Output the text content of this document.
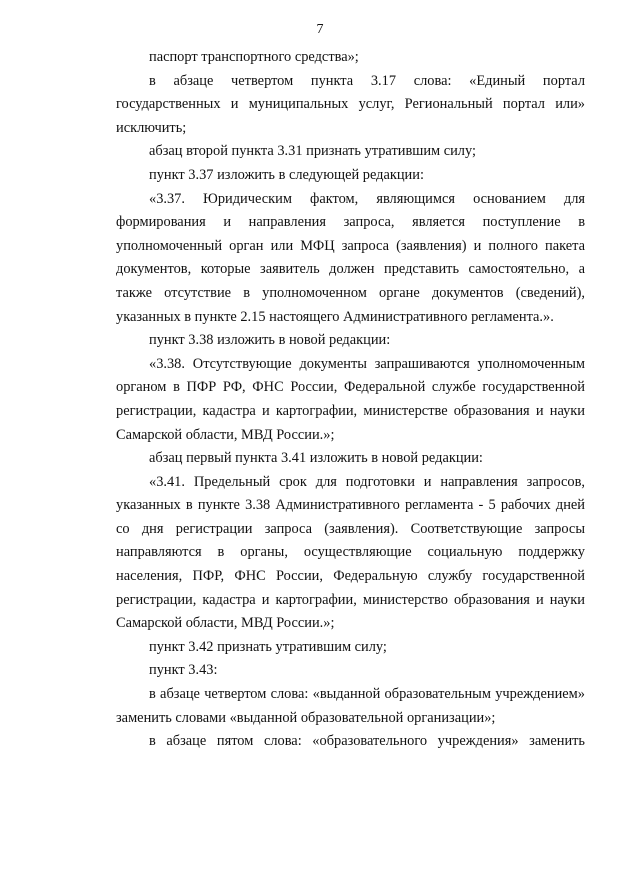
7

паспорт транспортного средства»;

в абзаце четвертом пункта 3.17 слова: «Единый портал государственных и муниципальных услуг, Региональный портал или» исключить;

абзац второй пункта 3.31 признать утратившим силу;

пункт 3.37 изложить в следующей редакции:

«3.37. Юридическим фактом, являющимся основанием для формирования и направления запроса, является поступление в уполномоченный орган или МФЦ запроса (заявления) и полного пакета документов, которые заявитель должен представить самостоятельно, а также отсутствие в уполномоченном органе документов (сведений), указанных в пункте 2.15 настоящего Административного регламента.».

пункт 3.38 изложить в новой редакции:

«3.38. Отсутствующие документы запрашиваются уполномоченным органом в ПФР РФ, ФНС России, Федеральной службе государственной регистрации, кадастра и картографии, министерстве образования и науки Самарской области, МВД России.»;

абзац первый пункта 3.41 изложить в новой редакции:

«3.41. Предельный срок для подготовки и направления запросов, указанных в пункте 3.38 Административного регламента - 5 рабочих дней со дня регистрации запроса (заявления). Соответствующие запросы направляются в органы, осуществляющие социальную поддержку населения, ПФР, ФНС России, Федеральную службу государственной регистрации, кадастра и картографии, министерство образования и науки Самарской области, МВД России.»;

пункт 3.42 признать утратившим силу;

пункт 3.43:

в абзаце четвертом слова: «выданной образовательным учреждением» заменить словами «выданной образовательной организации»;

в абзаце пятом слова: «образовательного учреждения» заменить
